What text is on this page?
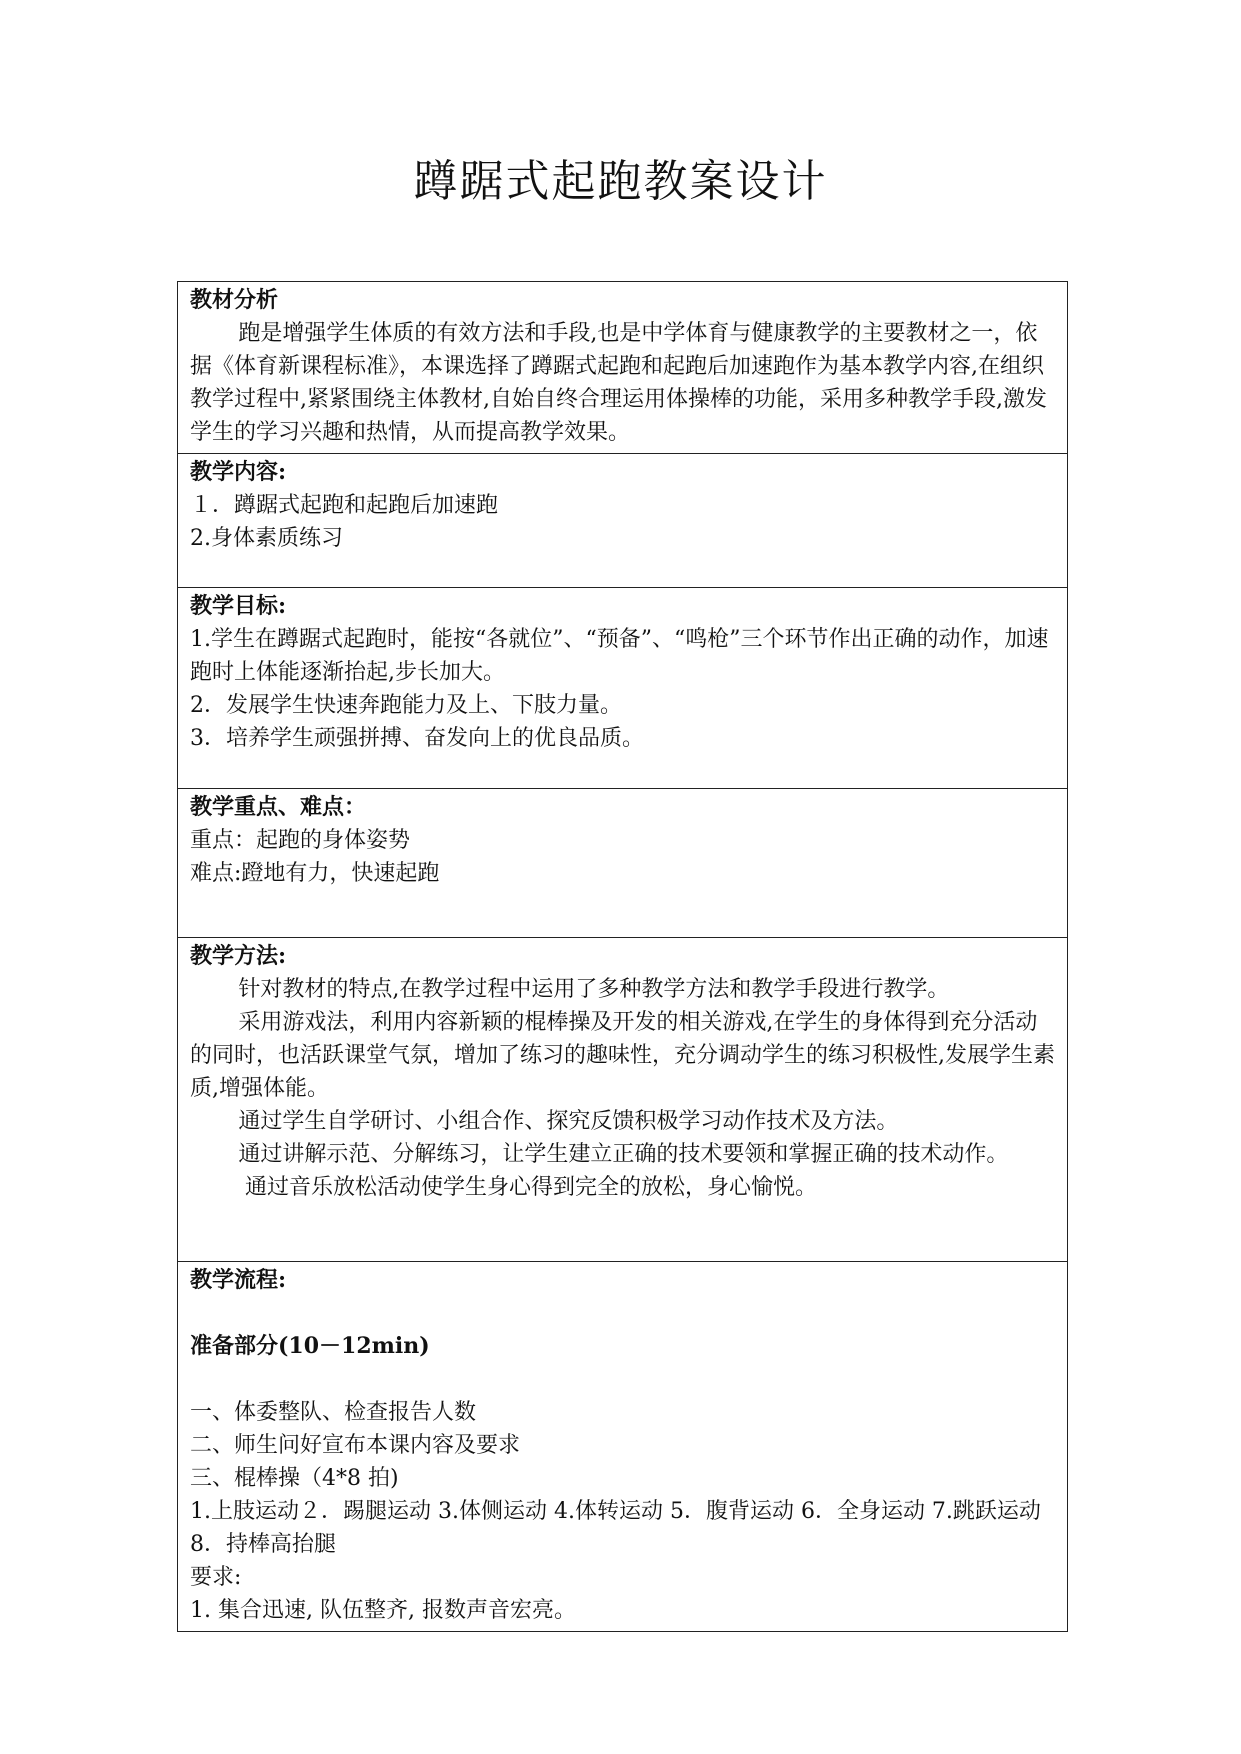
蹲踞式起跑教案设计
教材分析

跑是增强学生体质的有效方法和手段,也是中学体育与健康教学的主要教材之一，依据《体育新课程标准》，本课选择了蹲踞式起跑和起跑后加速跑作为基本教学内容,在组织教学过程中,紧紧围绕主体教材,自始自终合理运用体操棒的功能，采用多种教学手段,激发学生的学习兴趣和热情，从而提高教学效果。

教学内容:
１．蹲踞式起跑和起跑后加速跑
2.身体素质练习

教学目标:
1.学生在蹲踞式起跑时，能按“各就位”、“预备”、“鸣枪”三个环节作出正确的动作，加速跑时上体能逐渐抬起,步长加大。
2．发展学生快速奔跑能力及上、下肢力量。
3．培养学生顽强拼搏、奋发向上的优良品质。

教学重点、难点：
重点：起跑的身体姿势
难点:蹬地有力，快速起跑

教学方法:

针对教材的特点,在教学过程中运用了多种教学方法和教学手段进行教学。

采用游戏法，利用内容新颖的棍棒操及开发的相关游戏,在学生的身体得到充分活动的同时，也活跃课堂气氛，增加了练习的趣味性，充分调动学生的练习积极性,发展学生素质,增强体能。

通过学生自学研讨、小组合作、探究反馈积极学习动作技术及方法。

通过讲解示范、分解练习，让学生建立正确的技术要领和掌握正确的技术动作。

通过音乐放松活动使学生身心得到完全的放松，身心愉悦。

教学流程:
准备部分(10－12min)
一、体委整队、检查报告人数
二、师生问好宣布本课内容及要求
三、棍棒操（4*8 拍)
1.上肢运动２．踢腿运动 3.体侧运动 4.体转运动 5．腹背运动 6．全身运动 7.跳跃运动 8．持棒高抬腿
要求:
1. 集合迅速, 队伍整齐, 报数声音宏亮。
